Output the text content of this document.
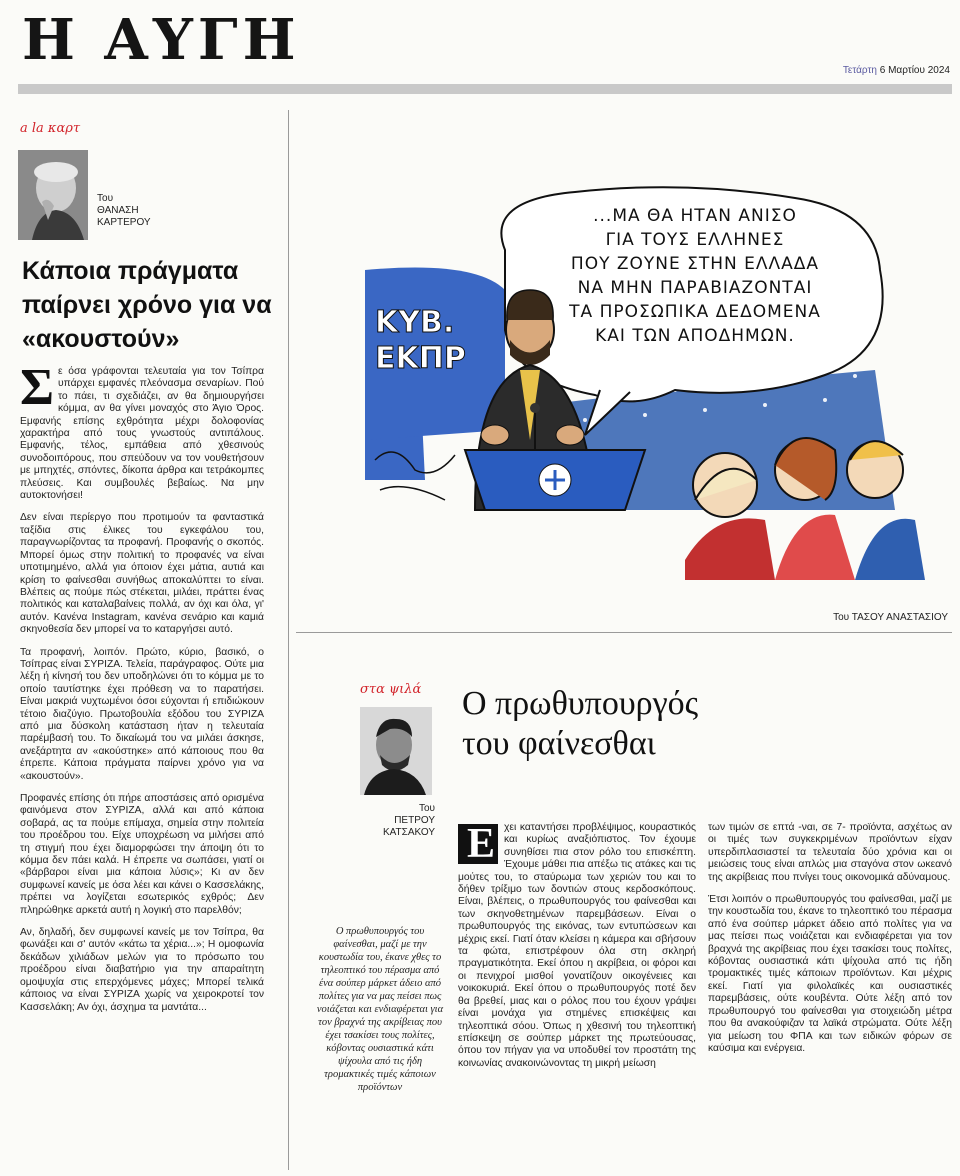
Η ΑΥΓΗ	Τετάρτη 6 Μαρτίου 2024
a la καρτ
Του
ΘΑΝΑΣΗ
ΚΑΡΤΕΡΟΥ
Κάποια πράγματα παίρνει χρόνο για να «ακουστούν»

Σε όσα γράφονται τελευταία για τον Τσίπρα υπάρχει εμφανές πλεόνασμα σεναρίων. Πού το πάει, τι σχεδιάζει, αν θα δημιουργήσει κόμμα, αν θα γίνει μοναχός στο Άγιο Όρος. Εμφανής επίσης εχθρότητα μέχρι δολοφονίας χαρακτήρα από τους γνωστούς αντιπάλους. Εμφανής, τέλος, εμπάθεια από χθεσινούς συνοδοιπόρους, που σπεύδουν να τον νουθετήσουν με μπηχτές, σπόντες, δίκοπα άρθρα και τετράκομπες πλεύσεις. Και συμβουλές βεβαίως. Να μην αυτοκτονήσει!

Δεν είναι περίεργο που προτιμούν τα φανταστικά ταξίδια στις έλικες του εγκεφάλου του, παραγνωρίζοντας τα προφανή. Προφανής ο σκοπός. Μπορεί όμως στην πολιτική το προφανές να είναι υποτιμημένο, αλλά για όποιον έχει μάτια, αυτιά και κρίση το φαίνεσθαι συνήθως αποκαλύπτει το είναι. Βλέπεις ας πούμε πώς στέκεται, μιλάει, πράττει ένας πολιτικός και καταλαβαίνεις πολλά, αν όχι και όλα, γι' αυτόν. Κανένα Instagram, κανένα σενάριο και καμιά σκηνοθεσία δεν μπορεί να το καταργήσει αυτό.

Τα προφανή, λοιπόν. Πρώτο, κύριο, βασικό, ο Τσίπρας είναι ΣΥΡΙΖΑ. Τελεία, παράγραφος. Ούτε μια λέξη ή κίνησή του δεν υποδηλώνει ότι το κόμμα με το οποίο ταυτίστηκε έχει πρόθεση να το παρατήσει. Είναι μακριά νυχτωμένοι όσοι εύχονται ή επιδιώκουν τέτοιο διαζύγιο. Πρωτοβουλία εξόδου του ΣΥΡΙΖΑ από μια δύσκολη κατάσταση ήταν η τελευταία παρέμβασή του. Το δικαίωμά του να μιλάει άσκησε, ανεξάρτητα αν «ακούστηκε» από κάποιους που θα έπρεπε. Κάποια πράγματα παίρνει χρόνο για να «ακουστούν».

Προφανές επίσης ότι πήρε αποστάσεις από ορισμένα φαινόμενα στον ΣΥΡΙΖΑ, αλλά και από κάποια σοβαρά, ας τα πούμε επίμαχα, σημεία στην πολιτεία του προέδρου του. Είχε υποχρέωση να μιλήσει από τη στιγμή που έχει διαμορφώσει την άποψη ότι το κόμμα δεν πάει καλά. Η έπρεπε να σωπάσει, γιατί οι «βάρβαροι είναι μια κάποια λύσις»; Κι αν δεν συμφωνεί κανείς με όσα λέει και κάνει ο Κασσελάκης, πρέπει να λογίζεται εσωτερικός εχθρός; Δεν πληρώθηκε αρκετά αυτή η λογική στο παρελθόν;

Αν, δηλαδή, δεν συμφωνεί κανείς με τον Τσίπρα, θα φωνάξει και σ' αυτόν «κάτω τα χέρια...»; Η ομοφωνία δεκάδων χιλιάδων μελών για το πρόσωπο του προέδρου είναι διαβατήριο για την απαραίτητη ομοψυχία στις επερχόμενες μάχες; Μπορεί τελικά κάποιος να είναι ΣΥΡΙΖΑ χωρίς να χειροκροτεί τον Κασσελάκη; Αν όχι, άσχημα τα μαντάτα...

ΚΥΒ.
ΕΚΠΡ
...ΜΑ ΘΑ ΗΤΑΝ ΑΝΙΣΟ
ΓΙΑ ΤΟΥΣ ΕΛΛΗΝΕΣ
ΠΟΥ ΖΟΥΝΕ ΣΤΗΝ ΕΛΛΑΔΑ
ΝΑ ΜΗΝ ΠΑΡΑΒΙΑΖΟΝΤΑΙ
ΤΑ ΠΡΟΣΩΠΙΚΑ ΔΕΔΟΜΕΝΑ
ΚΑΙ ΤΩΝ ΑΠΟΔΗΜΩΝ.
Του ΤΑΣΟΥ ΑΝΑΣΤΑΣΙΟΥ
στα ψιλά
Του
ΠΕΤΡΟΥ
ΚΑΤΣΑΚΟΥ
Ο πρωθυπουργός
του φαίνεσθαι
Ο πρωθυπουργός του φαίνεσθαι, μαζί με την κουστωδία του, έκανε χθες το τηλεοπτικό του πέρασμα από ένα σούπερ μάρκετ άδειο από πολίτες για να μας πείσει πως νοιάζεται και ενδιαφέρεται για τον βραχνά της ακρίβειας που έχει τσακίσει τους πολίτες, κόβοντας ουσιαστικά κάτι ψίχουλα από τις ήδη τρομακτικές τιμές κάποιων προϊόντων

Ε χει καταντήσει προβλέψιμος, κουραστικός και κυρίως αναξιόπιστος. Τον έχουμε συνηθίσει πια στον ρόλο του επισκέπτη. Έχουμε μάθει πια απέξω τις ατάκες και τις μούτες του, το σταύρωμα των χεριών του και το δήθεν τρίξιμο των δοντιών στους κερδοσκόπους. Είναι, βλέπεις, ο πρωθυπουργός του φαίνεσθαι και των σκηνοθετημένων παρεμβάσεων. Είναι ο πρωθυπουργός της εικόνας, των εντυπώσεων και μέχρις εκεί. Γιατί όταν κλείσει η κάμερα και σβήσουν τα φώτα, επιστρέφουν όλα στη σκληρή πραγματικότητα. Εκεί όπου η ακρίβεια, οι φόροι και οι πενιχροί μισθοί γονατίζουν οικογένειες και νοικοκυριά. Εκεί όπου ο πρωθυπουργός ποτέ δεν θα βρεθεί, μιας και ο ρόλος που του έχουν γράψει είναι μονάχα για στημένες επισκέψεις και τηλεοπτικά σόου. Όπως η χθεσινή του τηλεοπτική επίσκεψη σε σούπερ μάρκετ της πρωτεύουσας, όπου τον πήγαν για να υποδυθεί τον προστάτη της κοινωνίας ανακοινώνοντας τη μικρή μείωση

των τιμών σε επτά -ναι, σε 7- προϊόντα, ασχέτως αν οι τιμές των συγκεκριμένων προϊόντων είχαν υπερδιπλασιαστεί τα τελευταία δύο χρόνια και οι μειώσεις τους είναι απλώς μια σταγόνα στον ωκεανό της ακρίβειας που πνίγει τους οικονομικά αδύναμους.

Έτσι λοιπόν ο πρωθυπουργός του φαίνεσθαι, μαζί με την κουστωδία του, έκανε το τηλεοπτικό του πέρασμα από ένα σούπερ μάρκετ άδειο από πολίτες για να μας πείσει πως νοιάζεται και ενδιαφέρεται για τον βραχνά της ακρίβειας που έχει τσακίσει τους πολίτες, κόβοντας ουσιαστικά κάτι ψίχουλα από τις ήδη τρομακτικές τιμές κάποιων προϊόντων. Και μέχρις εκεί. Γιατί για φιλολαϊκές και ουσιαστικές παρεμβάσεις, ούτε κουβέντα. Ούτε λέξη από τον πρωθυπουργό του φαίνεσθαι για στοιχειώδη μέτρα που θα ανακούφιζαν τα λαϊκά στρώματα. Ούτε λέξη για μείωση του ΦΠΑ και των ειδικών φόρων σε καύσιμα και ενέργεια.
